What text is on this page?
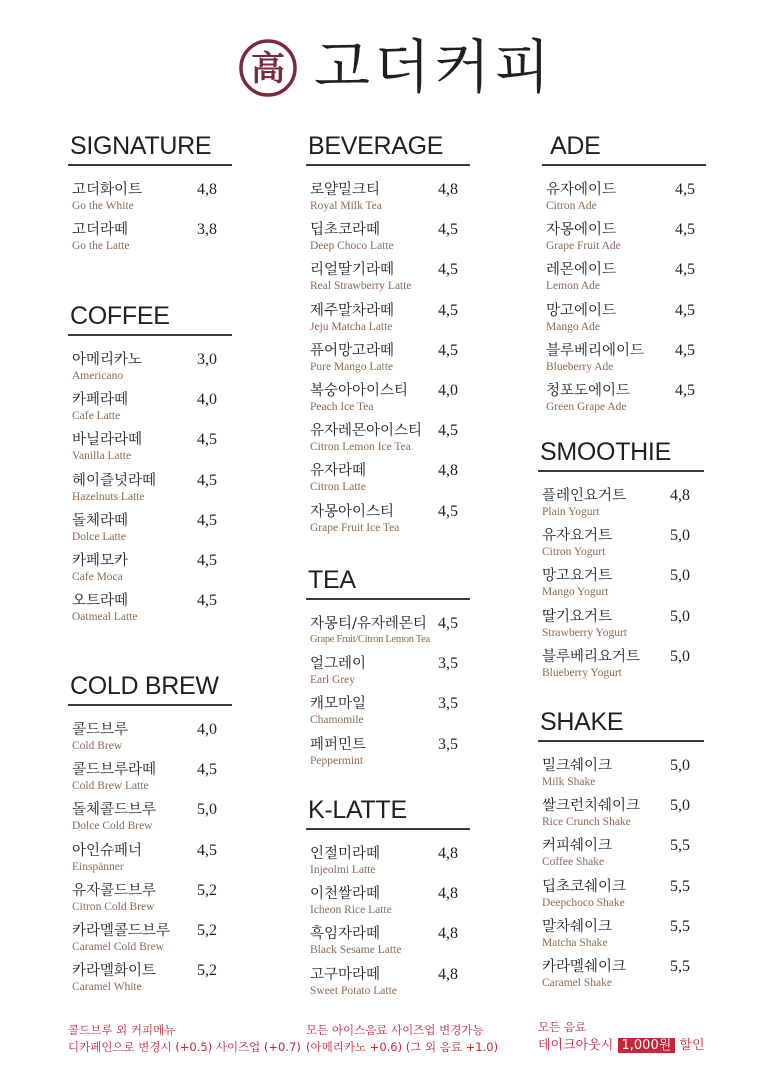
高 고더커피
SIGNATURE
고더화이트
Go the White
4,8
고더라떼
Go the Latte
3,8
COFFEE
아메리카노
Americano
3,0
카페라떼
Cafe Latte
4,0
바닐라라떼
Vanilla Latte
4,5
헤이즐넛라떼
Hazelnuts Latte
4,5
돌체라떼
Dolce Latte
4,5
카페모카
Cafe Moca
4,5
오트라떼
Oatmeal Latte
4,5
COLD BREW
콜드브루
Cold Brew
4,0
콜드브루라떼
Cold Brew Latte
4,5
돌체콜드브루
Dolce Cold Brew
5,0
아인슈페너
Einspänner
4,5
유자콜드브루
Citron Cold Brew
5,2
카라멜콜드브루
Caramel Cold Brew
5,2
카라멜화이트
Caramel White
5,2
BEVERAGE
로얄밀크티
Royal Milk Tea
4,8
딥초코라떼
Deep Choco Latte
4,5
리얼딸기라떼
Real Strawberry Latte
4,5
제주말차라떼
Jeju Matcha Latte
4,5
퓨어망고라떼
Pure Mango Latte
4,5
복숭아아이스티
Peach Ice Tea
4,0
유자레몬아이스티
Citron Lemon Ice Tea
4,5
유자라떼
Citron Latte
4,8
자몽아이스티
Grape Fruit Ice Tea
4,5
TEA
자몽티/유자레몬티
Grape Fruit/Citron Lemon Tea
4,5
얼그레이
Earl Grey
3,5
캐모마일
Chamomile
3,5
페퍼민트
Peppermint
3,5
K-LATTE
인절미라떼
Injeolmi Latte
4,8
이천쌀라떼
Icheon Rice Latte
4,8
흑임자라떼
Black Sesame Latte
4,8
고구마라떼
Sweet Potato Latte
4,8
ADE
유자에이드
Citron Ade
4,5
자몽에이드
Grape Fruit Ade
4,5
레몬에이드
Lemon Ade
4,5
망고에이드
Mango Ade
4,5
블루베리에이드
Blueberry Ade
4,5
청포도에이드
Green Grape Ade
4,5
SMOOTHIE
플레인요거트
Plain Yogurt
4,8
유자요거트
Citron Yogurt
5,0
망고요거트
Mango Yogurt
5,0
딸기요거트
Strawberry Yogurt
5,0
블루베리요거트
Blueberry Yogurt
5,0
SHAKE
밀크쉐이크
Milk Shake
5,0
쌀크런치쉐이크
Rice Crunch Shake
5,0
커피쉐이크
Coffee Shake
5,5
딥초코쉐이크
Deepchoco Shake
5,5
말차쉐이크
Matcha Shake
5,5
카라멜쉐이크
Caramel Shake
5,5
콜드브루 외 커피메뉴
디카페인으로 변경시 (+0.5) 사이즈업 (+0.7)
모든 아이스음료 사이즈업 변경가능
(아메리카노 +0.6) (그 외 음료 +1.0)
모든 음료
테이크아웃시 1,000원 할인
